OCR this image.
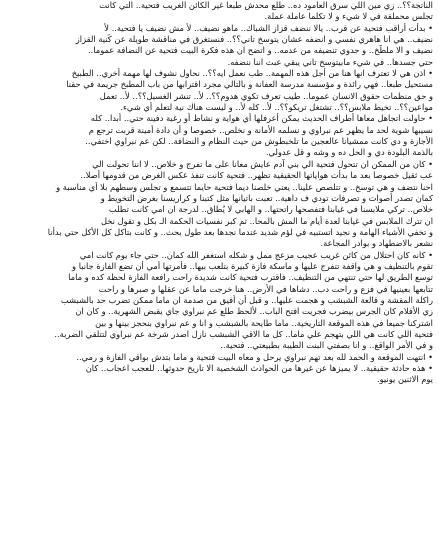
الناتجة؟؟.. زي مين اللي سرق العامود ده.. طلع محدش طبعا غير الكائن الغريب فتحية.. التي كانت
تجلس محملقة في لا شيء و لا تكلما عاملة عملة.
• بدأت أراقب فتحية عن قرب.. يالا ننضف قزاز الشباك.. ماهو نضيف.. لأ مش نضيف يا فتحية.. لأ
نضيف.. هي انا هاهري نفسي و انضفه عشان يتوسخ تاني؟؟.. فنستغرق في مناقشة طويلة عن كُنية القزاز
نضيف و الا ملطّخ.. و جدوي تنضيفه من عدمه.. و اتضح ان هذه فكرة البيت فتحية عن النضافة عموما..
حتي جسدها.. في شيء مابيتوسخ تاني يبقي عبث اننا ننضفه.
• اذن هي لا تعترف انها هنا من أجل هذه المهمة.. طب نعمل ايه؟؟.. نحاول نشوف لها مهمة أخري.. الطبيخ
مستحيل طبعا.. فهي رائدة و مؤسسة مدرسة العفانة و بالتالي مجرد اقترابها من باب المطبخ جريمة في حقنا
و حق منظمات حقوق الانسان عموما.. طيب تعرف تكوي هدوم؟؟.. لأ.. تنشر الغسيل؟؟.. لأ.. تعمل
مواعين؟؟.. تخيط ملابس؟؟.. تشتغل تريكو؟؟.. لأ.. كله لأ.. و ليست هناك نية لتعلم أي شيء.
• حاولت اتجاهل معاها أطراف الحديث يمكن أعرفلها أي هواية و نشاط أو رغبة دفينة حتي.. أبدا.. كله
نسيبها شوية لحد ما يظهر عم نبراوي و نسلمه الأمانة و نخلص.. خصوصا و أن دادة أمينة قربت ترجع م
الأجازة و دي كانت ممشيانا عالعجين ما تلخبطوش من حيث النظام و النضافة.. لكن عم نبراوي اختفي..
بالذمة البلودة دي و الحل ده و وشه و قل عدولي.
• كان من الممكن ان تتحول فتحية الي بني آدم عايش معانا على ما تفرج و خلاص.. لا اننا تحولت الي
عب ثقيل خصوصا بعد ما بدأت هواياتها الحقيقية تظهر.. فتحية كانت تنفذ عكس الغرض من قدومها أصلا..
احنا نتضف و هي توسخ.. و تتلصص علينا.. يعني خلصنا ديما فتحية حايما تتسمع و تجلس وسطهم بلا أي مناسبة و
كمان تصدر أصوات و تصرفات تودي ف داهية.. تعبت باتيانها مثل كتبنا و كراريسنا بغرض التخويط و
خلاص.. تركي ملابسنا في غيابنا فتفصحها راتحتها.. و الهابي لا يُطاق.. لدرجة ان امي كانت تطلب
ان تترك الملابس في غيابنا لعدة أيام ما المش بالمحا.. ثم كبر نفسيات الحكمة الـ بكل و تقول نخل
و تخفي الأشياء الهامة و نجيد اتستبيه في لؤم شديد عندما نجدها بعد طول بحث.. و كانت بتاكل كل الأكل حتي بدأنا
نشعر بالاضطهاد و بوادر المجاعة.
• كانه كان احتلال من كائن غريب عجيب مزعج ممل و شكله استغفر الله كمان.. حتي جاء يوم كانت امي
تقوم بالتنظيف و هي واقفة تتفرج عليها و ماسكة فازة كبيرة بتلعب بيها.. فأمرتها أمي أن تضع الفازة جانبا و
توسع الطريق لها حتي تنتهي من التنظيف.. فاقترب فتحية كانت شديدة راحت رافعة الفازة لحظة كده و ماما
تتابعها بعينيها في فزع و راحت دب.. دشاها في الأرض.. هنا خرجت ماما عن عقلها و صبرها و راحت
راكلة المقشة و قالعة الشبشب و هجمت عليها.. و قبل أن أفيق من صدمة ان ماما ممكن تضرب حد بالشبشب
زي الأفلام كان الجرس بيضرب فجريت افتح الباب.. لألحظ طلع عم نبراوي جاي يقبض الشهرية.. و كان ان
اشتركنا جميعا في هذه الموقعة التاريخية.. ماما طايحة بالشبشب و انا و عم نبراوي بنحجز بينها و بين
فتحية اللي كانت هي اللي بتهجم علي ماما.. كل ما الاقي الشبشب نازل اصدر شرخة عم نبراوي لتتلقي الضربة..
و في الأمر الواقع.. و انا بصفتي البنت الطيبة بطبيعتي.. فتحية..
• انتهت الموقعة و الحمد لله بعد تهم نبراوي يرحل و معاه البيت فتحية و ماما بتدش بواقي الفازة و رمي..
• هذه حادثة حقيقية.. لا يميزها عن غيرها من الحوادث الشخصية الا تاريخ حدوثها.. للعجب اعجاب.. كان
يوم الاثنين يونيو.
